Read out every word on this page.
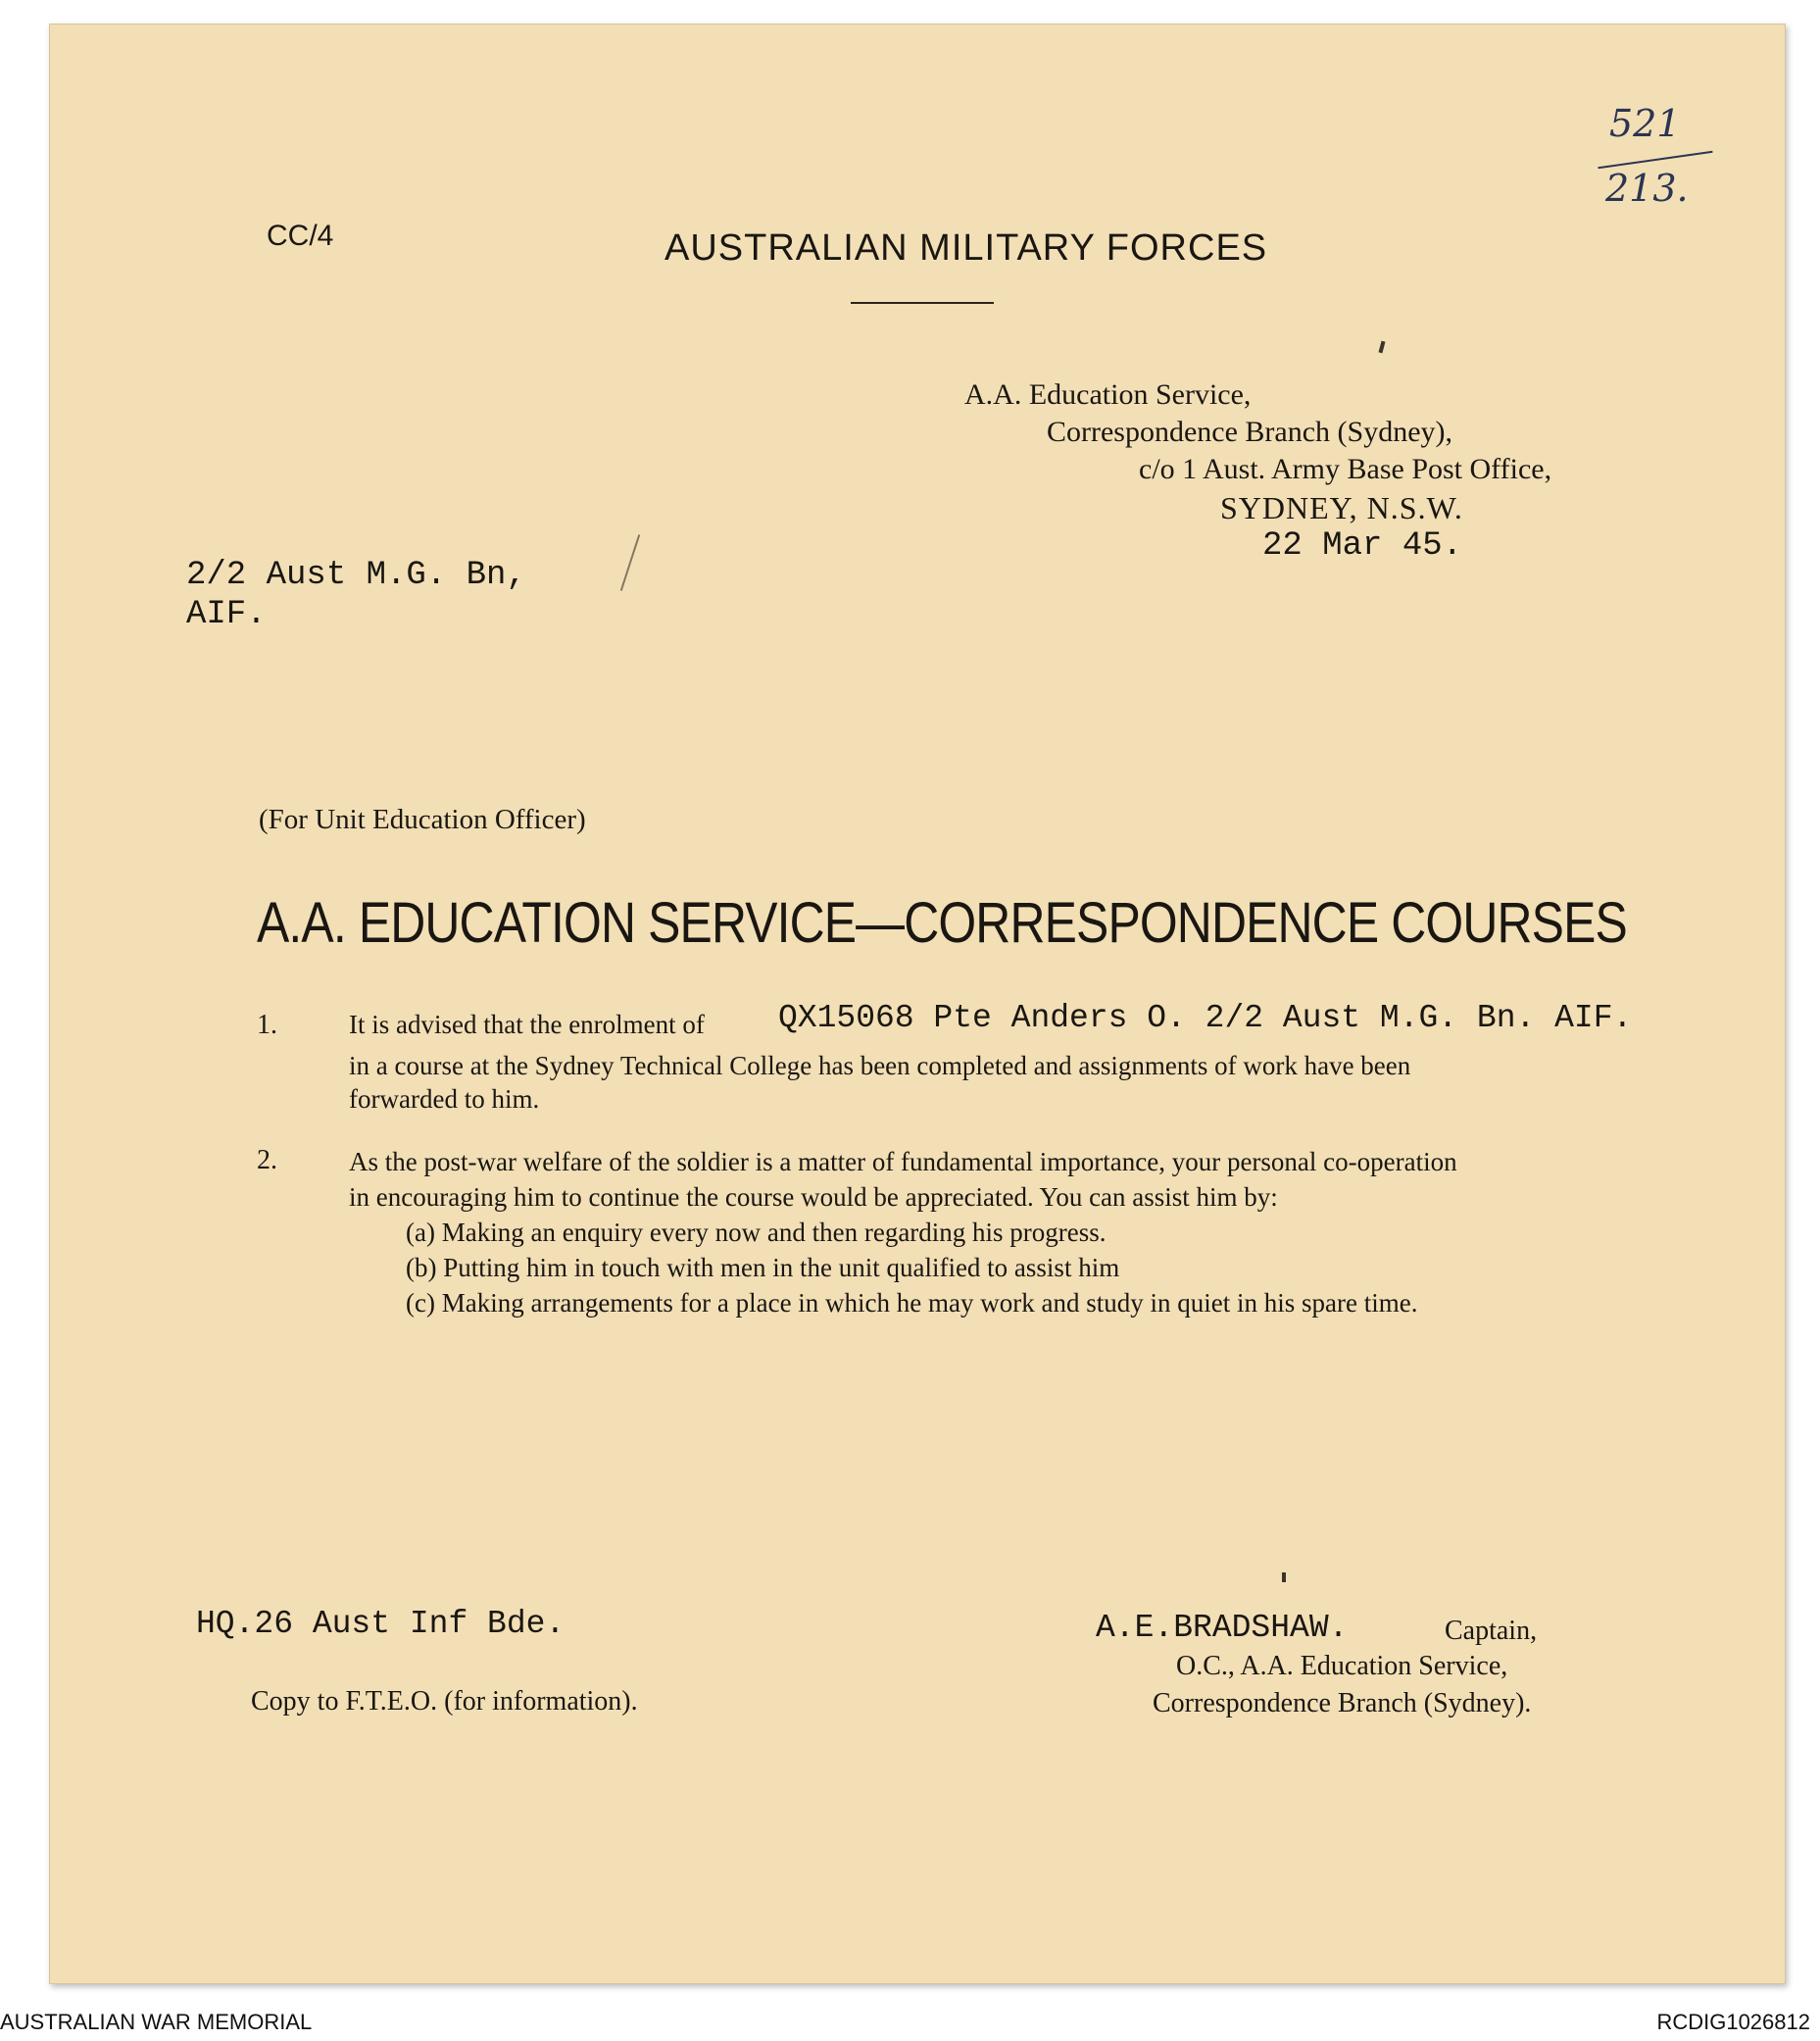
521
213.
CC/4	AUSTRALIAN MILITARY FORCES
A.A. Education Service,
Correspondence Branch (Sydney),
c/o 1 Aust. Army Base Post Office,
SYDNEY, N.S.W.
22 Mar 45.
2/2 Aust M.G. Bn,
AIF.
(For Unit Education Officer)
A.A. EDUCATION SERVICE—CORRESPONDENCE COURSES
1.	It is advised that the enrolment of QX15068 Pte Anders O. 2/2 Aust M.G. Bn. AIF.
in a course at the Sydney Technical College has been completed and assignments of work have been
forwarded to him.
2.	As the post-war welfare of the soldier is a matter of fundamental importance, your personal co-operation
in encouraging him to continue the course would be appreciated. You can assist him by:
(a) Making an enquiry every now and then regarding his progress.
(b) Putting him in touch with men in the unit qualified to assist him
(c) Making arrangements for a place in which he may work and study in quiet in his spare time.
HQ.26 Aust Inf Bde.
Copy to F.T.E.O. (for information).
A.E.BRADSHAW.	Captain,
O.C., A.A. Education Service,
Correspondence Branch (Sydney).
AUSTRALIAN WAR MEMORIAL	RCDIG1026812
